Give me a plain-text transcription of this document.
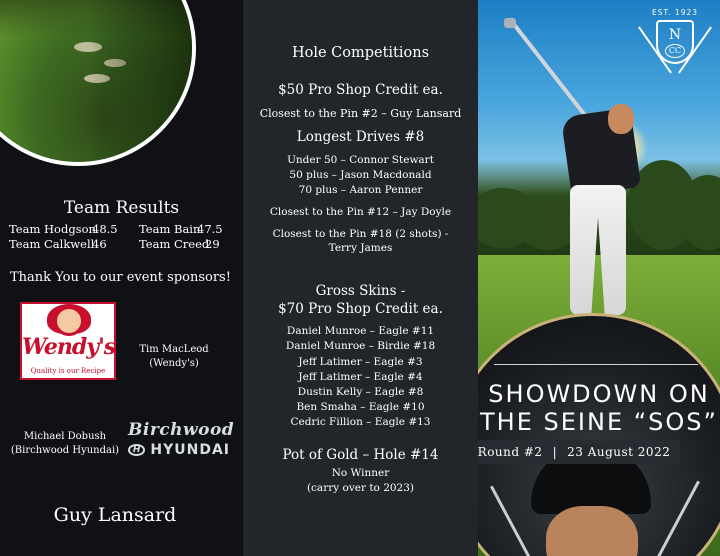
Team Results
Team Hodgson
48.5 Team Bain
47.5
Team Calkwell
46	Team Creed
29
Thank You to our event sponsors!
Wendy's
Quality is our Recipe
Tim MacLeod
(Wendy's)
Michael Dobush
(Birchwood Hyundai)
Birchwood
H HYUNDAI
Guy Lansard
Hole Competitions
$50 Pro Shop Credit ea.
Closest to the Pin #2 – Guy Lansard
Longest Drives #8
Under 50 – Connor Stewart
50 plus – Jason Macdonald
70 plus – Aaron Penner
Closest to the Pin #12 – Jay Doyle
Closest to the Pin #18 (2 shots) -
Terry James
Gross Skins -
$70 Pro Shop Credit ea.
Daniel Munroe – Eagle #11
Daniel Munroe – Birdie #18
Jeff Latimer – Eagle #3
Jeff Latimer – Eagle #4
Dustin Kelly – Eagle #8
Ben Smaha – Eagle #10
Cedric Fillion – Eagle #13
Pot of Gold – Hole #14
No Winner
(carry over to 2023)
EST. 1923
N
CC
SHOWDOWN ON
THE SEINE “SOS”
Round #2 | 23 August 2022
